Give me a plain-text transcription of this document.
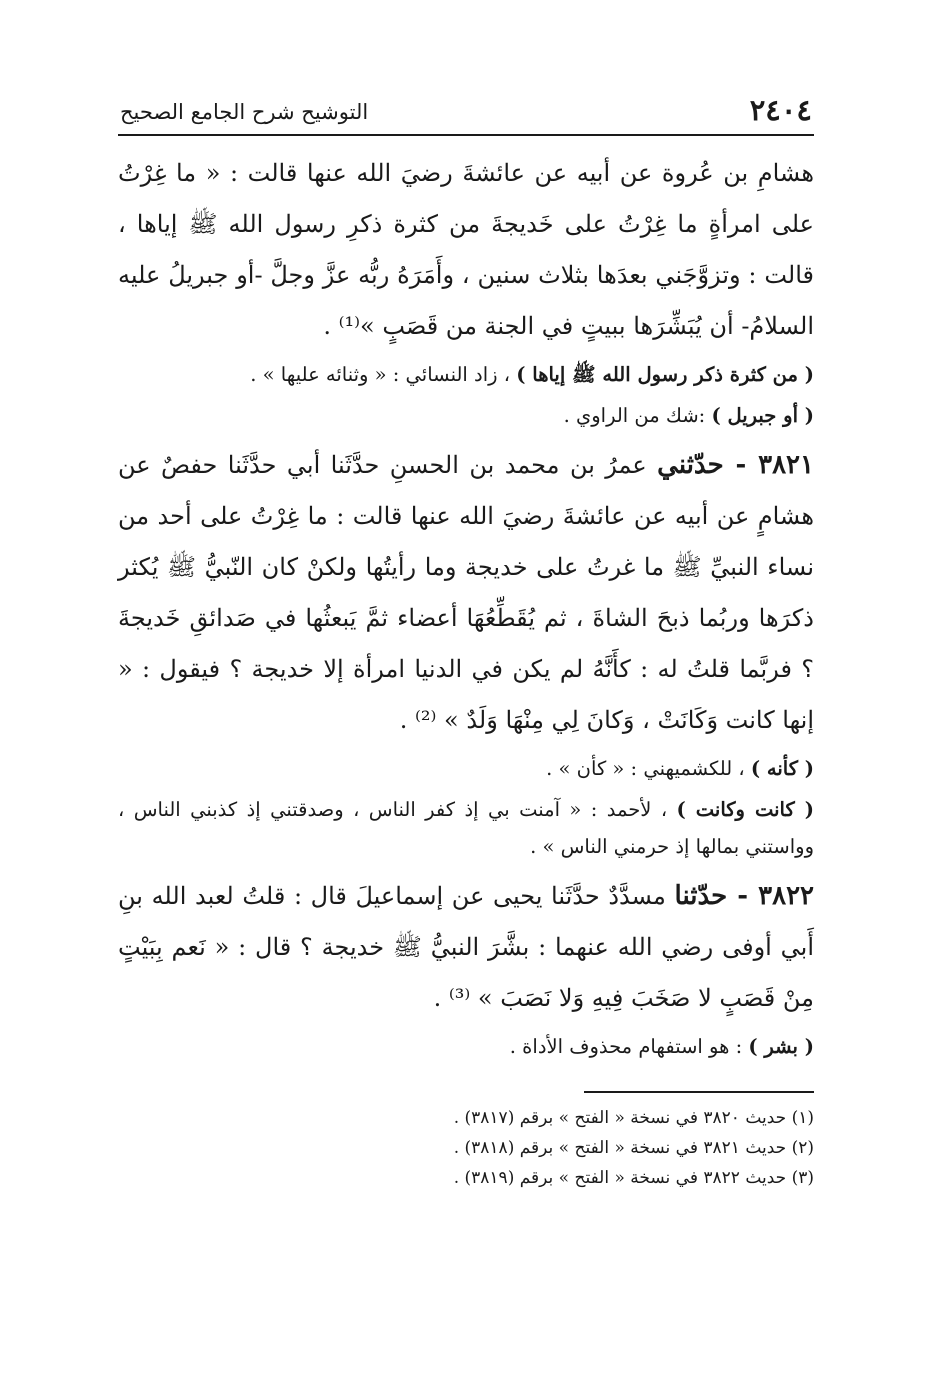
٢٤٠٤
التوشيح شرح الجامع الصحيح

هشامِ بن عُروة عن أبيه عن عائشةَ رضيَ الله عنها قالت : « ما غِرْتُ على امرأةٍ ما غِرْتُ على خَديجةَ من كثرة ذكرِ رسول الله ﷺ إياها ، قالت : وتزوَّجَني بعدَها بثلاث سنين ، وأَمَرَهُ ربُّه عزَّ وجلَّ -أو جبريلُ عليه السلامُ- أن يُبَشِّرَها ببيتٍ في الجنة من قَصَبٍ »⁽¹⁾ .

( من كثرة ذكر رسول الله ﷺ إياها ) ، زاد النسائي : « وثنائه عليها » .

( أو جبريل ) :شك من الراوي .

٣٨٢١ - حدّثني عمرُ بن محمد بن الحسنِ حدَّثَنا أبي حدَّثَنا حفصٌ عن هشامٍ عن أبيه عن عائشةَ رضيَ الله عنها قالت : ما غِرْتُ على أحد من نساء النبيِّ ﷺ ما غرتُ على خديجة وما رأيتُها ولكنْ كان النّبيُّ ﷺ يُكثر ذكرَها وربُما ذبحَ الشاةَ ، ثم يُقَطِّعُهَا أعضاء ثمَّ يَبعثُها في صَدائقِ خَديجةَ ؟ فربَّما قلتُ له : كأَنَّهُ لم يكن في الدنيا امرأة إلا خديجة ؟ فيقول : « إنها كانت وَكَانَتْ ، وَكانَ لِي مِنْهَا وَلَدٌ » ⁽²⁾ .

( كأنه ) ، للكشميهني : « كأن » .

( كانت وكانت ) ، لأحمد : « آمنت بي إذ كفر الناس ، وصدقتني إذ كذبني الناس ، وواستني بمالها إذ حرمني الناس » .

٣٨٢٢ - حدّثنا مسدَّدٌ حدَّثَنا يحيى عن إسماعيلَ قال : قلتُ لعبد الله بنِ أَبي أوفى رضي الله عنهما : بشَّرَ النبيُّ ﷺ خديجة ؟ قال : « نَعم بِبَيْتٍ مِنْ قَصَبٍ لا صَخَبَ فِيهِ وَلا نَصَبَ » ⁽³⁾ .

( بشر ) : هو استفهام محذوف الأداة .

(١) حديث ٣٨٢٠ في نسخة « الفتح » برقم (٣٨١٧) .

(٢) حديث ٣٨٢١ في نسخة « الفتح » برقم (٣٨١٨) .

(٣) حديث ٣٨٢٢ في نسخة « الفتح » برقم (٣٨١٩) .
